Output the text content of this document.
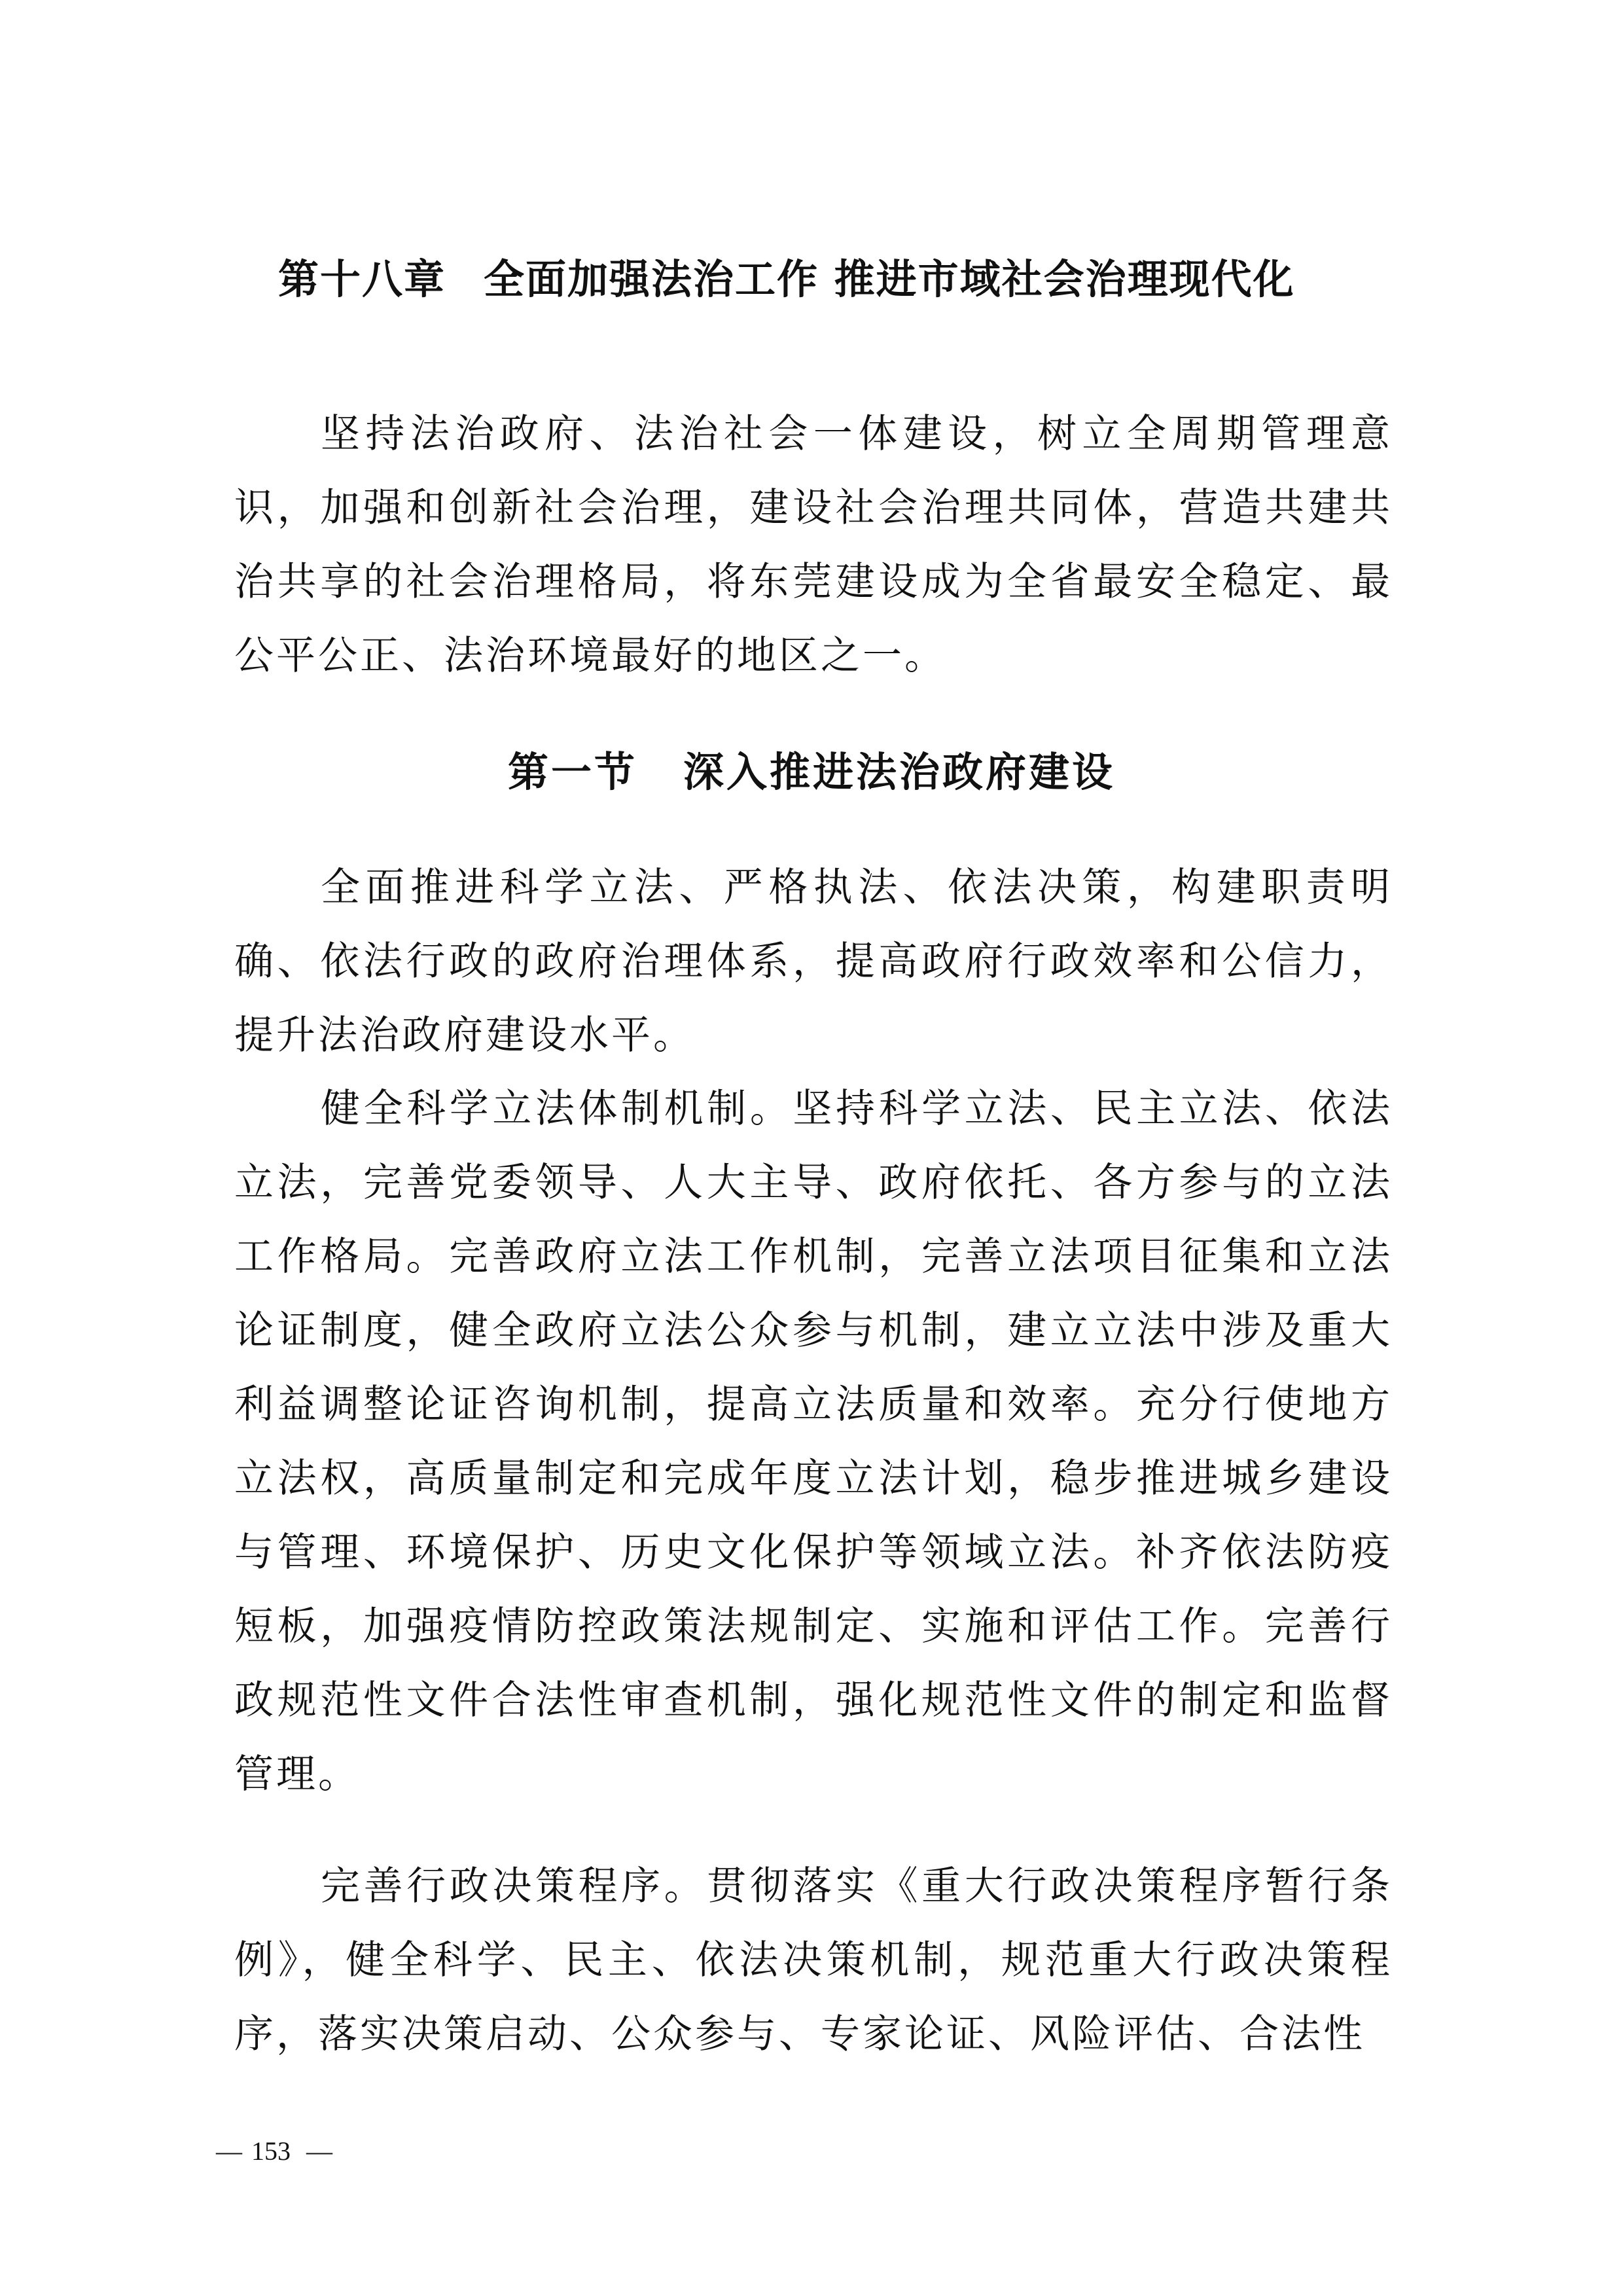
第十八章 全面加强法治工作 推进市域社会治理现代化

坚持法治政府、法治社会一体建设，树立全周期管理意识，加强和创新社会治理，建设社会治理共同体，营造共建共治共享的社会治理格局，将东莞建设成为全省最安全稳定、最公平公正、法治环境最好的地区之一。

第一节 深入推进法治政府建设

全面推进科学立法、严格执法、依法决策，构建职责明确、依法行政的政府治理体系，提高政府行政效率和公信力，提升法治政府建设水平。

健全科学立法体制机制。坚持科学立法、民主立法、依法立法，完善党委领导、人大主导、政府依托、各方参与的立法工作格局。完善政府立法工作机制，完善立法项目征集和立法论证制度，健全政府立法公众参与机制，建立立法中涉及重大利益调整论证咨询机制，提高立法质量和效率。充分行使地方立法权，高质量制定和完成年度立法计划，稳步推进城乡建设与管理、环境保护、历史文化保护等领域立法。补齐依法防疫短板，加强疫情防控政策法规制定、实施和评估工作。完善行政规范性文件合法性审查机制，强化规范性文件的制定和监督管理。

完善行政决策程序。贯彻落实《重大行政决策程序暂行条例》，健全科学、民主、依法决策机制，规范重大行政决策程序，落实决策启动、公众参与、专家论证、风险评估、合法性

— 153 —
